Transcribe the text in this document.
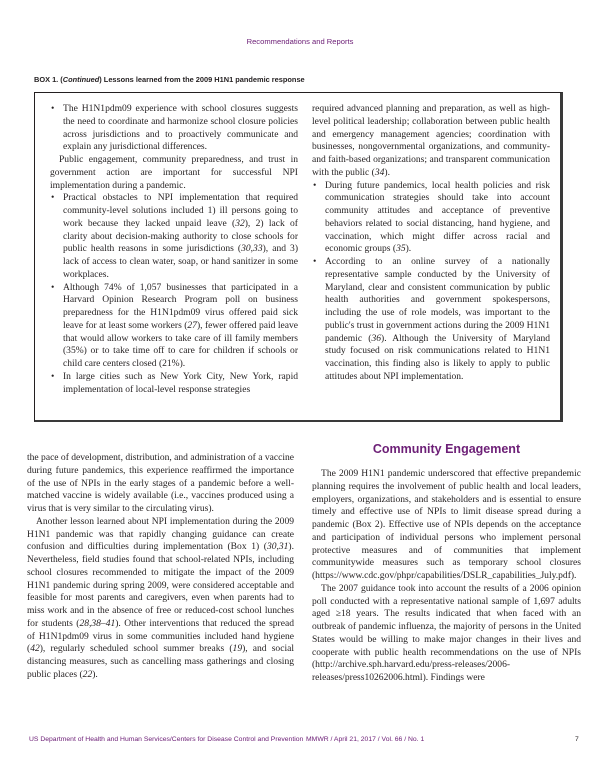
Recommendations and Reports
BOX 1. (Continued) Lessons learned from the 2009 H1N1 pandemic response

• The H1N1pdm09 experience with school closures suggests the need to coordinate and harmonize school closure policies across jurisdictions and to proactively communicate and explain any jurisdictional differences.

Public engagement, community preparedness, and trust in government action are important for successful NPI implementation during a pandemic.

• Practical obstacles to NPI implementation that required community-level solutions included 1) ill persons going to work because they lacked unpaid leave (32), 2) lack of clarity about decision-making authority to close schools for public health reasons in some jurisdictions (30,33), and 3) lack of access to clean water, soap, or hand sanitizer in some workplaces.

• Although 74% of 1,057 businesses that participated in a Harvard Opinion Research Program poll on business preparedness for the H1N1pdm09 virus offered paid sick leave for at least some workers (27), fewer offered paid leave that would allow workers to take care of ill family members (35%) or to take time off to care for children if schools or child care centers closed (21%).

• In large cities such as New York City, New York, rapid implementation of local-level response strategies

required advanced planning and preparation, as well as high-level political leadership; collaboration between public health and emergency management agencies; coordination with businesses, nongovernmental organizations, and community- and faith-based organizations; and transparent communication with the public (34).

• During future pandemics, local health policies and risk communication strategies should take into account community attitudes and acceptance of preventive behaviors related to social distancing, hand hygiene, and vaccination, which might differ across racial and economic groups (35).

• According to an online survey of a nationally representative sample conducted by the University of Maryland, clear and consistent communication by public health authorities and government spokespersons, including the use of role models, was important to the public's trust in government actions during the 2009 H1N1 pandemic (36). Although the University of Maryland study focused on risk communications related to H1N1 vaccination, this finding also is likely to apply to public attitudes about NPI implementation.

the pace of development, distribution, and administration of a vaccine during future pandemics, this experience reaffirmed the importance of the use of NPIs in the early stages of a pandemic before a well-matched vaccine is widely available (i.e., vaccines produced using a virus that is very similar to the circulating virus).

Another lesson learned about NPI implementation during the 2009 H1N1 pandemic was that rapidly changing guidance can create confusion and difficulties during implementation (Box 1) (30,31). Nevertheless, field studies found that school-related NPIs, including school closures recommended to mitigate the impact of the 2009 H1N1 pandemic during spring 2009, were considered acceptable and feasible for most parents and caregivers, even when parents had to miss work and in the absence of free or reduced-cost school lunches for students (28,38–41). Other interventions that reduced the spread of H1N1pdm09 virus in some communities included hand hygiene (42), regularly scheduled school summer breaks (19), and social distancing measures, such as cancelling mass gatherings and closing public places (22).

Community Engagement

The 2009 H1N1 pandemic underscored that effective prepandemic planning requires the involvement of public health and local leaders, employers, organizations, and stakeholders and is essential to ensure timely and effective use of NPIs to limit disease spread during a pandemic (Box 2). Effective use of NPIs depends on the acceptance and participation of individual persons who implement personal protective measures and of communities that implement communitywide measures such as temporary school closures (https://www.cdc.gov/phpr/capabilities/DSLR_capabilities_July.pdf).

The 2007 guidance took into account the results of a 2006 opinion poll conducted with a representative national sample of 1,697 adults aged ≥18 years. The results indicated that when faced with an outbreak of pandemic influenza, the majority of persons in the United States would be willing to make major changes in their lives and cooperate with public health recommendations on the use of NPIs (http://archive.sph.harvard.edu/press-releases/2006-releases/press10262006.html). Findings were

US Department of Health and Human Services/Centers for Disease Control and Prevention MMWR / April 21, 2017 / Vol. 66 / No. 1	7
